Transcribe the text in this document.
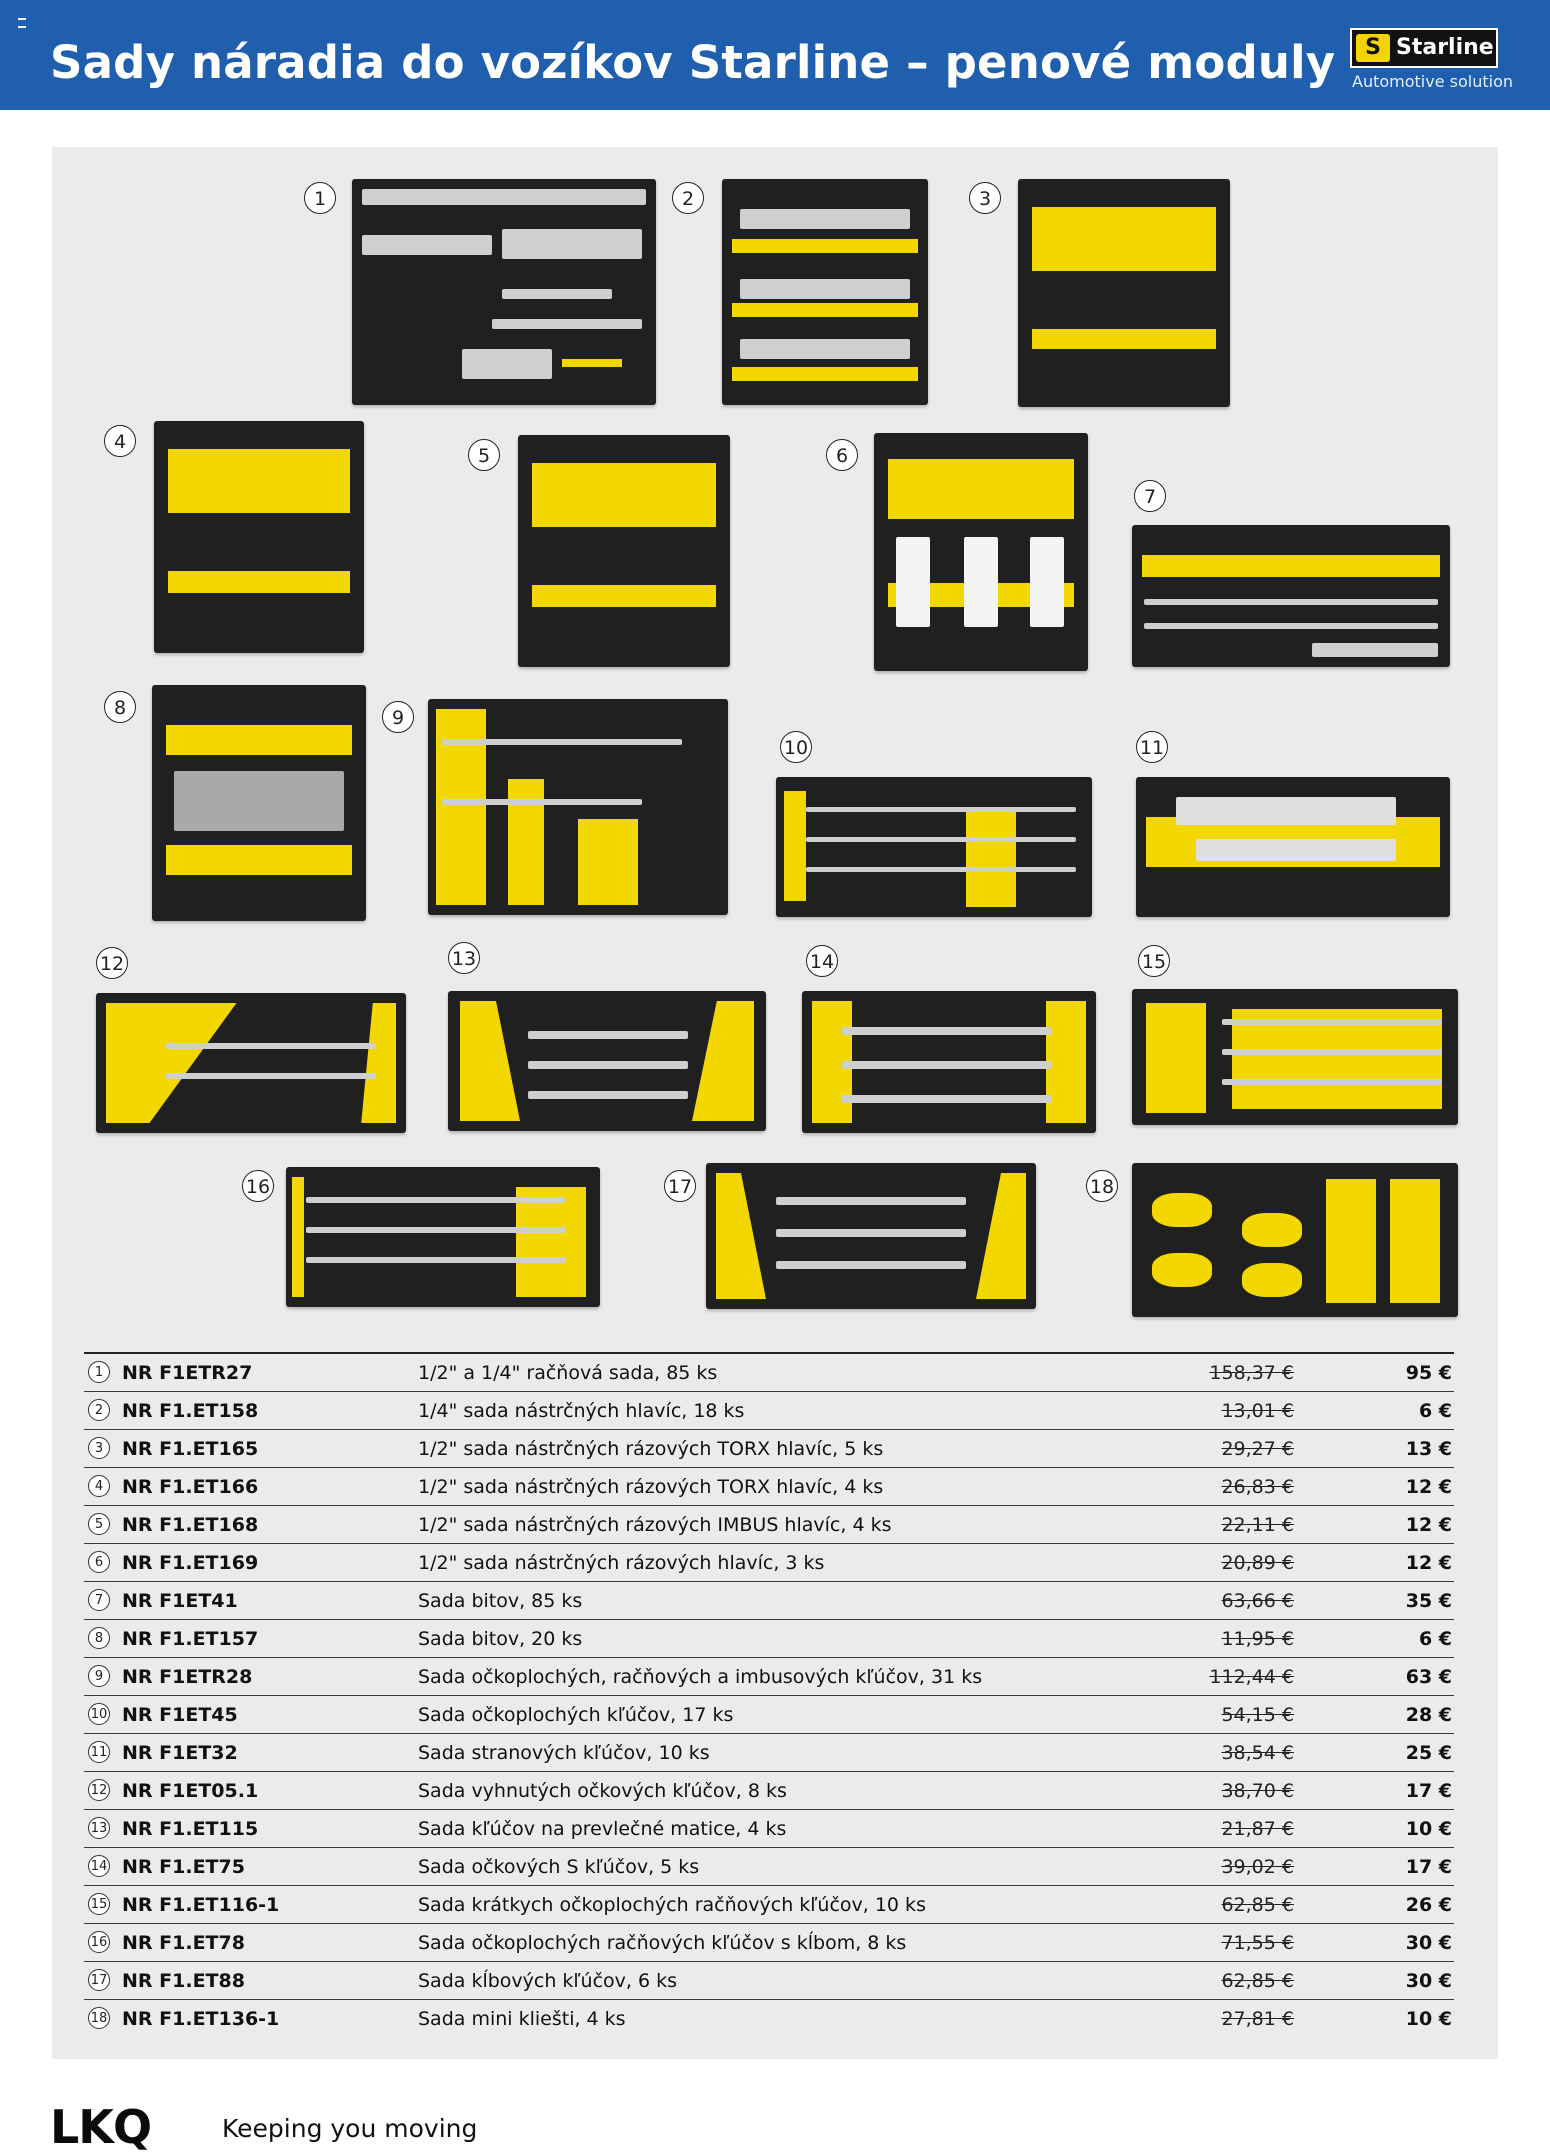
Sady náradia do vozíkov Starline – penové moduly	S Starline
Automotive solution
1	2	3
4
5	6
7
8	9
10	11
12	13	14	15
16	17	18
1 NR F1ETR27	1/2" a 1/4" račňová sada, 85 ks	158,37 €	95 €
2 NR F1.ET158	1/4" sada nástrčných hlavíc, 18 ks	13,01 €	6 €
3 NR F1.ET165	1/2" sada nástrčných rázových TORX hlavíc, 5 ks	29,27 €	13 €
4 NR F1.ET166	1/2" sada nástrčných rázových TORX hlavíc, 4 ks	26,83 €	12 €
5 NR F1.ET168	1/2" sada nástrčných rázových IMBUS hlavíc, 4 ks	22,11 €	12 €
6 NR F1.ET169	1/2" sada nástrčných rázových hlavíc, 3 ks	20,89 €	12 €
7 NR F1ET41	Sada bitov, 85 ks	63,66 €	35 €
8 NR F1.ET157	Sada bitov, 20 ks	11,95 €	6 €
9 NR F1ETR28	Sada očkoplochých, račňových a imbusových kľúčov, 31 ks	112,44 €	63 €
10 NR F1ET45	Sada očkoplochých kľúčov, 17 ks	54,15 €	28 €
11 NR F1ET32	Sada stranových kľúčov, 10 ks	38,54 €	25 €
12 NR F1ET05.1	Sada vyhnutých očkových kľúčov, 8 ks	38,70 €	17 €
13 NR F1.ET115	Sada kľúčov na prevlečné matice, 4 ks	21,87 €	10 €
14 NR F1.ET75	Sada očkových S kľúčov, 5 ks	39,02 €	17 €
15 NR F1.ET116-1	Sada krátkych očkoplochých račňových kľúčov, 10 ks	62,85 €	26 €
16 NR F1.ET78	Sada očkoplochých račňových kľúčov s kĺbom, 8 ks	71,55 €	30 €
17 NR F1.ET88	Sada kĺbových kľúčov, 6 ks	62,85 €	30 €
18 NR F1.ET136-1	Sada mini kliešti, 4 ks	27,81 €	10 €
LKQ	Keeping you moving
